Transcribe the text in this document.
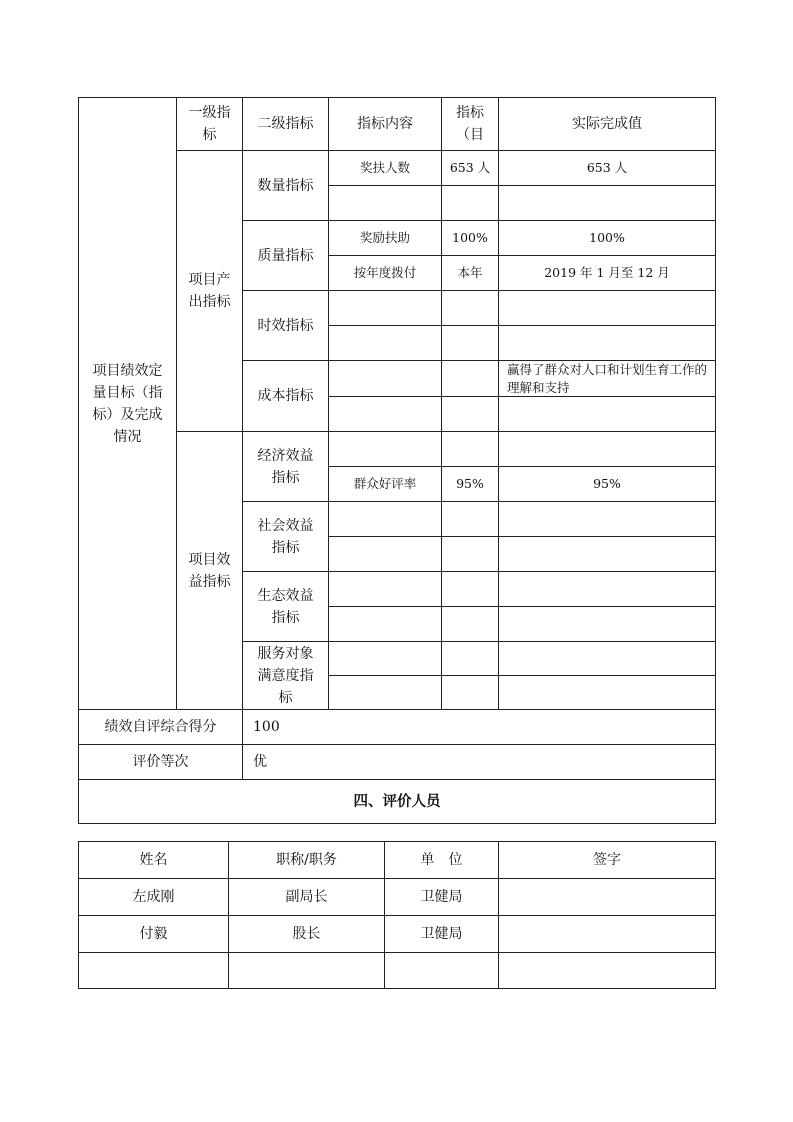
项目绩效定量目标（指标）及完成情况	一级指标	二级指标	指标内容	指标（目	实际完成值
	项目产出指标	数量指标	奖扶人数	653 人	653 人

		质量指标	奖励扶助	100%	100%
			按年度拨付	本年	2019 年 1 月至 12 月
		时效指标			

		成本指标			赢得了群众对人口和计划生育工作的理解和支持

	项目效益指标	经济效益指标			
			群众好评率	95%	95%
		社会效益指标			

		生态效益指标			

		服务对象满意度指标			

绩效自评综合得分		100			
评价等次		优			
四、评价人员					
姓名	职称/职务	单　位	签字
左成刚	副局长	卫健局	
付毅	股长	卫健局	
